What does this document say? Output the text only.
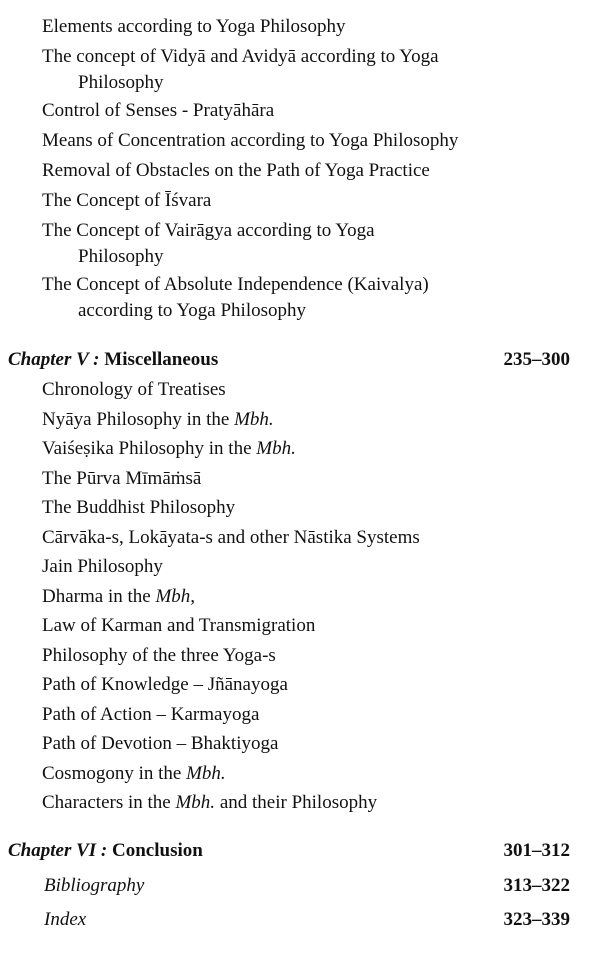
Elements according to Yoga Philosophy

The concept of Vidyā and Avidyā according to Yoga
Philosophy

Control of Senses - Pratyāhāra

Means of Concentration according to Yoga Philosophy

Removal of Obstacles on the Path of Yoga Practice

The Concept of Īśvara

The Concept of Vairāgya according to Yoga
Philosophy

The Concept of Absolute Independence (Kaivalya)
according to Yoga Philosophy

Chapter V : Miscellaneous	235–300

Chronology of Treatises

Nyāya Philosophy in the Mbh.

Vaiśeṣika Philosophy in the Mbh.

The Pūrva Mīmāṁsā

The Buddhist Philosophy

Cārvāka-s, Lokāyata-s and other Nāstika Systems

Jain Philosophy

Dharma in the Mbh,

Law of Karman and Transmigration

Philosophy of the three Yoga-s

Path of Knowledge – Jñānayoga

Path of Action – Karmayoga

Path of Devotion – Bhaktiyoga

Cosmogony in the Mbh.

Characters in the Mbh. and their Philosophy

Chapter VI : Conclusion	301–312
Bibliography	313–322
Index	323–339
